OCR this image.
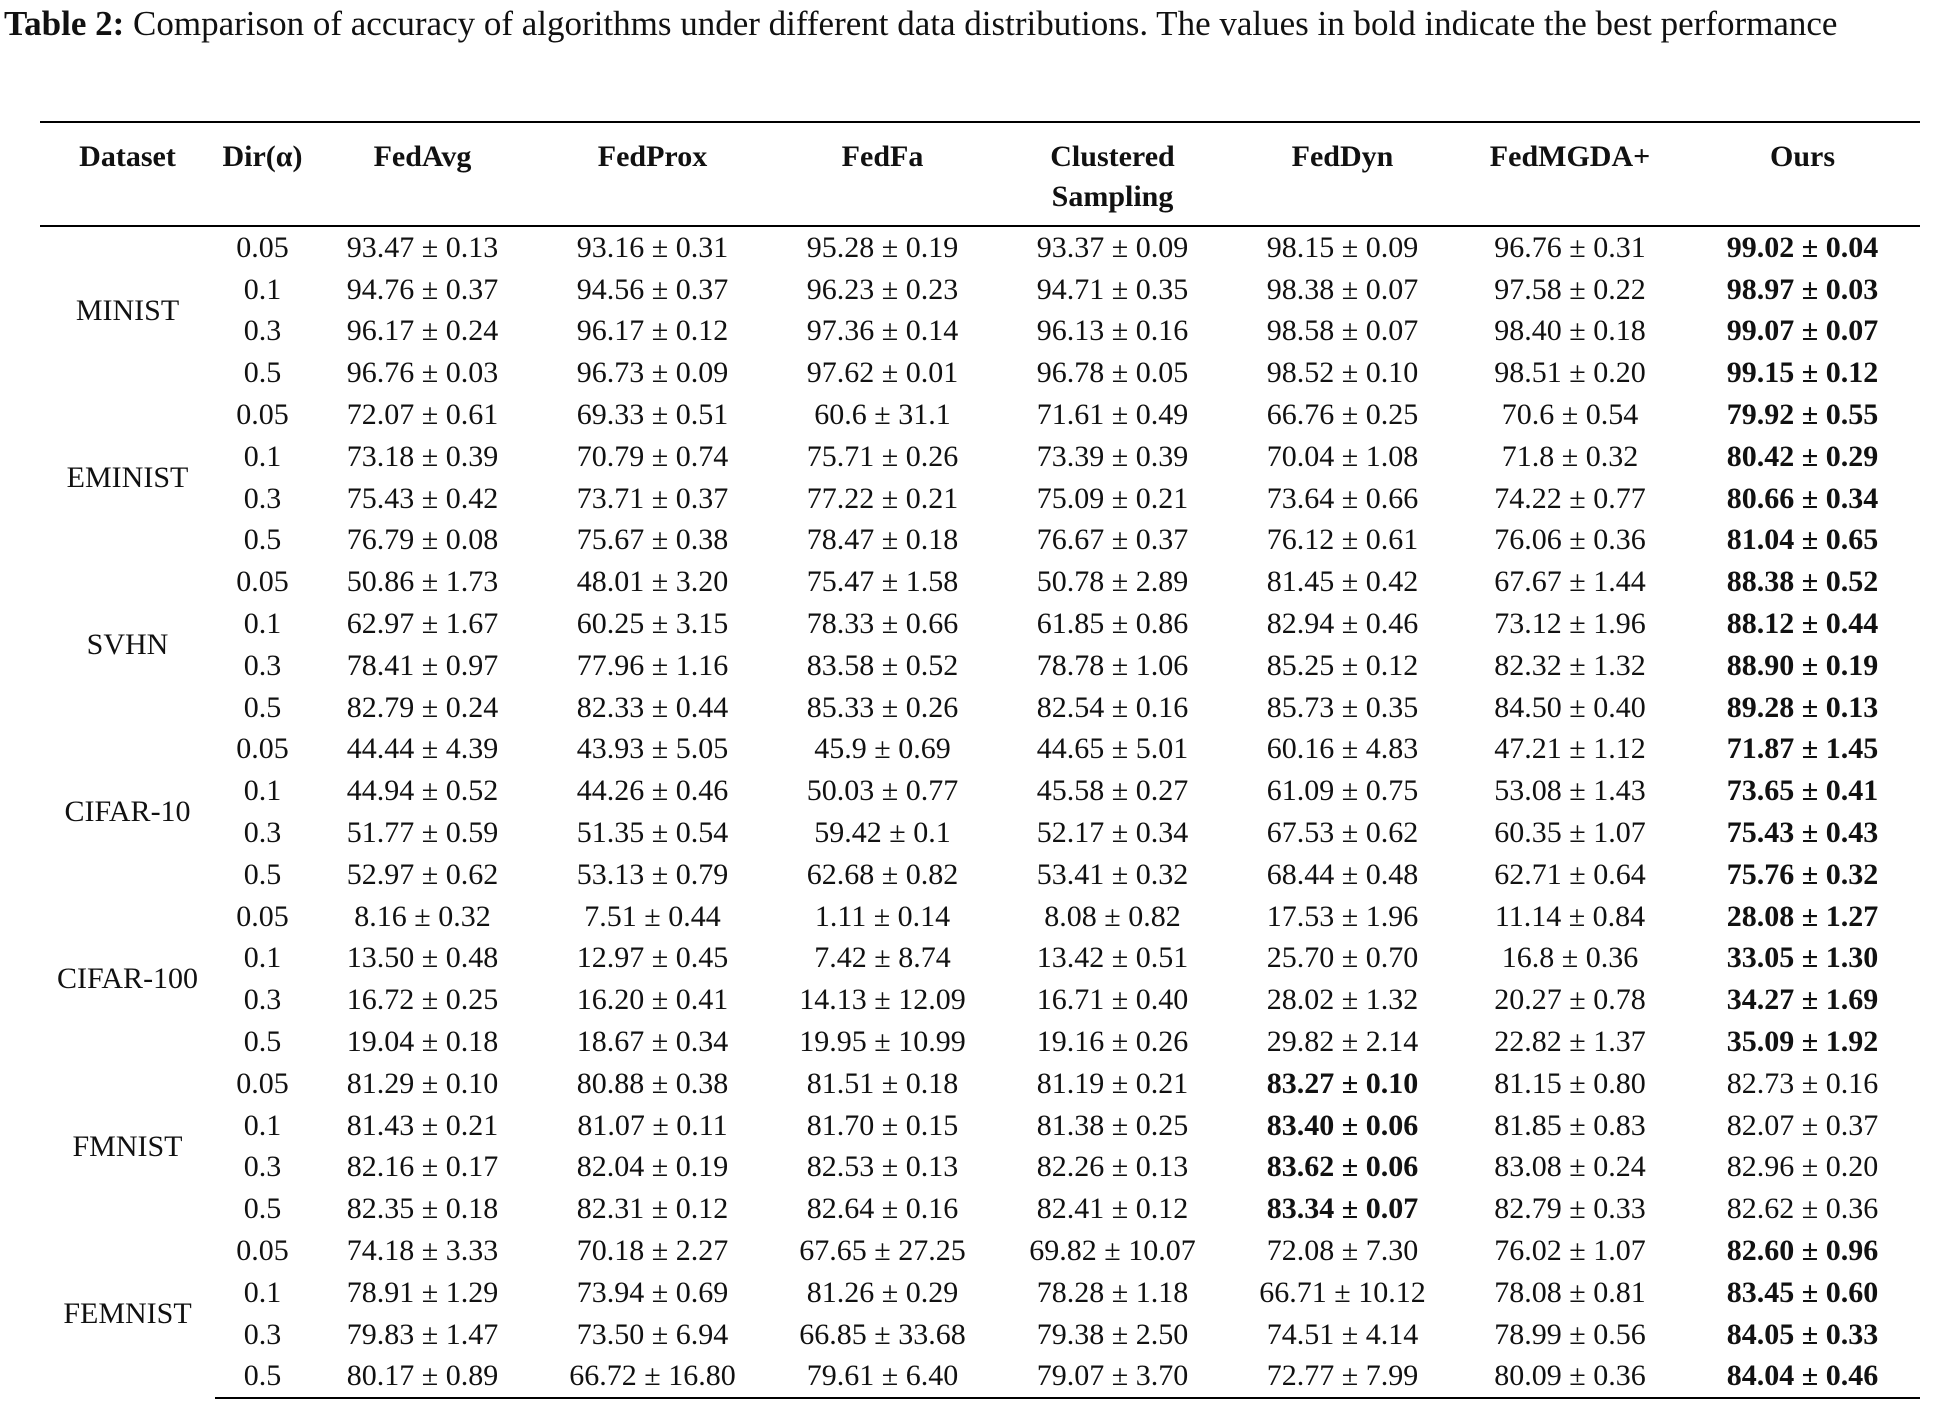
Table 2: Comparison of accuracy of algorithms under different data distributions. The values in bold indicate the best performance
Dataset	Dir(α)	FedAvg	FedProx	FedFa	Clustered Sampling	FedDyn	FedMGDA+	Ours
MINIST	0.05	93.47 ± 0.13	93.16 ± 0.31	95.28 ± 0.19	93.37 ± 0.09	98.15 ± 0.09	96.76 ± 0.31	99.02 ± 0.04
	0.1	94.76 ± 0.37	94.56 ± 0.37	96.23 ± 0.23	94.71 ± 0.35	98.38 ± 0.07	97.58 ± 0.22	98.97 ± 0.03
	0.3	96.17 ± 0.24	96.17 ± 0.12	97.36 ± 0.14	96.13 ± 0.16	98.58 ± 0.07	98.40 ± 0.18	99.07 ± 0.07
	0.5	96.76 ± 0.03	96.73 ± 0.09	97.62 ± 0.01	96.78 ± 0.05	98.52 ± 0.10	98.51 ± 0.20	99.15 ± 0.12
EMINIST	0.05	72.07 ± 0.61	69.33 ± 0.51	60.6 ± 31.1	71.61 ± 0.49	66.76 ± 0.25	70.6 ± 0.54	79.92 ± 0.55
	0.1	73.18 ± 0.39	70.79 ± 0.74	75.71 ± 0.26	73.39 ± 0.39	70.04 ± 1.08	71.8 ± 0.32	80.42 ± 0.29
	0.3	75.43 ± 0.42	73.71 ± 0.37	77.22 ± 0.21	75.09 ± 0.21	73.64 ± 0.66	74.22 ± 0.77	80.66 ± 0.34
	0.5	76.79 ± 0.08	75.67 ± 0.38	78.47 ± 0.18	76.67 ± 0.37	76.12 ± 0.61	76.06 ± 0.36	81.04 ± 0.65
SVHN	0.05	50.86 ± 1.73	48.01 ± 3.20	75.47 ± 1.58	50.78 ± 2.89	81.45 ± 0.42	67.67 ± 1.44	88.38 ± 0.52
	0.1	62.97 ± 1.67	60.25 ± 3.15	78.33 ± 0.66	61.85 ± 0.86	82.94 ± 0.46	73.12 ± 1.96	88.12 ± 0.44
	0.3	78.41 ± 0.97	77.96 ± 1.16	83.58 ± 0.52	78.78 ± 1.06	85.25 ± 0.12	82.32 ± 1.32	88.90 ± 0.19
	0.5	82.79 ± 0.24	82.33 ± 0.44	85.33 ± 0.26	82.54 ± 0.16	85.73 ± 0.35	84.50 ± 0.40	89.28 ± 0.13
CIFAR-10	0.05	44.44 ± 4.39	43.93 ± 5.05	45.9 ± 0.69	44.65 ± 5.01	60.16 ± 4.83	47.21 ± 1.12	71.87 ± 1.45
	0.1	44.94 ± 0.52	44.26 ± 0.46	50.03 ± 0.77	45.58 ± 0.27	61.09 ± 0.75	53.08 ± 1.43	73.65 ± 0.41
	0.3	51.77 ± 0.59	51.35 ± 0.54	59.42 ± 0.1	52.17 ± 0.34	67.53 ± 0.62	60.35 ± 1.07	75.43 ± 0.43
	0.5	52.97 ± 0.62	53.13 ± 0.79	62.68 ± 0.82	53.41 ± 0.32	68.44 ± 0.48	62.71 ± 0.64	75.76 ± 0.32
CIFAR-100	0.05	8.16 ± 0.32	7.51 ± 0.44	1.11 ± 0.14	8.08 ± 0.82	17.53 ± 1.96	11.14 ± 0.84	28.08 ± 1.27
	0.1	13.50 ± 0.48	12.97 ± 0.45	7.42 ± 8.74	13.42 ± 0.51	25.70 ± 0.70	16.8 ± 0.36	33.05 ± 1.30
	0.3	16.72 ± 0.25	16.20 ± 0.41	14.13 ± 12.09	16.71 ± 0.40	28.02 ± 1.32	20.27 ± 0.78	34.27 ± 1.69
	0.5	19.04 ± 0.18	18.67 ± 0.34	19.95 ± 10.99	19.16 ± 0.26	29.82 ± 2.14	22.82 ± 1.37	35.09 ± 1.92
FMNIST	0.05	81.29 ± 0.10	80.88 ± 0.38	81.51 ± 0.18	81.19 ± 0.21	83.27 ± 0.10	81.15 ± 0.80	82.73 ± 0.16
	0.1	81.43 ± 0.21	81.07 ± 0.11	81.70 ± 0.15	81.38 ± 0.25	83.40 ± 0.06	81.85 ± 0.83	82.07 ± 0.37
	0.3	82.16 ± 0.17	82.04 ± 0.19	82.53 ± 0.13	82.26 ± 0.13	83.62 ± 0.06	83.08 ± 0.24	82.96 ± 0.20
	0.5	82.35 ± 0.18	82.31 ± 0.12	82.64 ± 0.16	82.41 ± 0.12	83.34 ± 0.07	82.79 ± 0.33	82.62 ± 0.36
FEMNIST	0.05	74.18 ± 3.33	70.18 ± 2.27	67.65 ± 27.25	69.82 ± 10.07	72.08 ± 7.30	76.02 ± 1.07	82.60 ± 0.96
	0.1	78.91 ± 1.29	73.94 ± 0.69	81.26 ± 0.29	78.28 ± 1.18	66.71 ± 10.12	78.08 ± 0.81	83.45 ± 0.60
	0.3	79.83 ± 1.47	73.50 ± 6.94	66.85 ± 33.68	79.38 ± 2.50	74.51 ± 4.14	78.99 ± 0.56	84.05 ± 0.33
	0.5	80.17 ± 0.89	66.72 ± 16.80	79.61 ± 6.40	79.07 ± 3.70	72.77 ± 7.99	80.09 ± 0.36	84.04 ± 0.46
